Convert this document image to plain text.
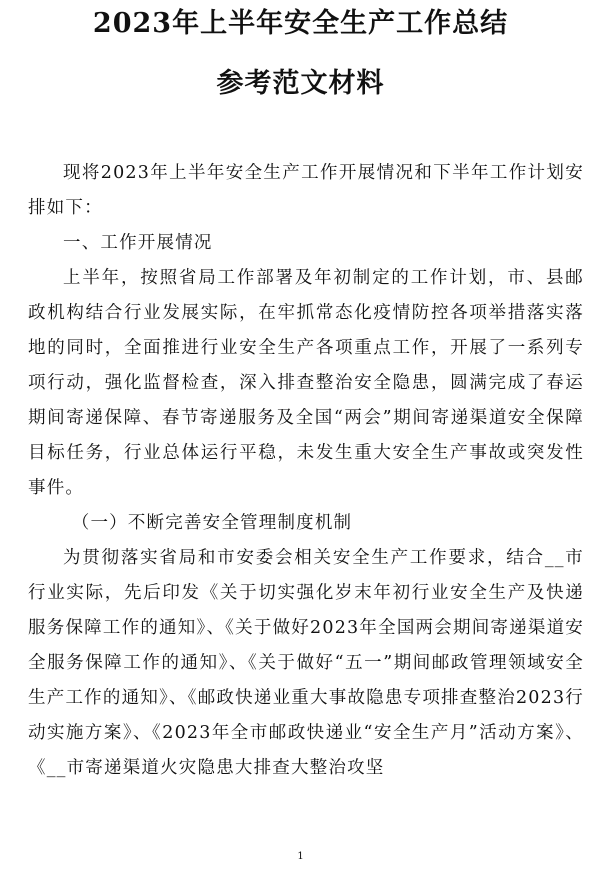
2023年上半年安全生产工作总结
参考范文材料

现将2023年上半年安全生产工作开展情况和下半年工作计划安排如下：

一、工作开展情况

上半年，按照省局工作部署及年初制定的工作计划，市、县邮政机构结合行业发展实际，在牢抓常态化疫情防控各项举措落实落地的同时，全面推进行业安全生产各项重点工作，开展了一系列专项行动，强化监督检查，深入排查整治安全隐患，圆满完成了春运期间寄递保障、春节寄递服务及全国“两会”期间寄递渠道安全保障目标任务，行业总体运行平稳，未发生重大安全生产事故或突发性事件。

（一）不断完善安全管理制度机制

为贯彻落实省局和市安委会相关安全生产工作要求，结合__市行业实际，先后印发《关于切实强化岁末年初行业安全生产及快递服务保障工作的通知》、《关于做好2023年全国两会期间寄递渠道安全服务保障工作的通知》、《关于做好“五一”期间邮政管理领域安全生产工作的通知》、《邮政快递业重大事故隐患专项排查整治2023行动实施方案》、《2023年全市邮政快递业“安全生产月”活动方案》、《__市寄递渠道火灾隐患大排查大整治攻坚

1
